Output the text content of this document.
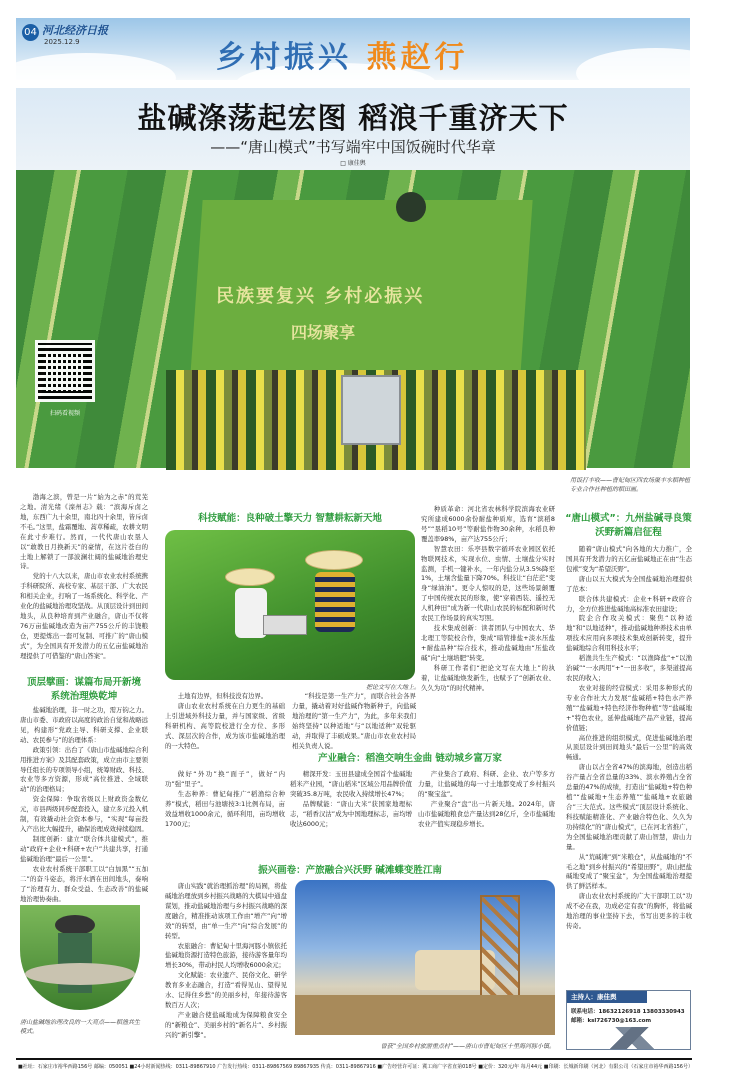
04 河北经济日报
2025.12.9	乡村振兴 燕赵行
盐碱涤荡起宏图 稻浪千重济天下
——“唐山模式”书写端牢中国饭碗时代华章
□ 康佳舆
民族要复兴 乡村必振兴
四场聚享
扫码看视频
用饭打丰收——曹妃甸区四农场聚丰水稻种植专业合作社种植的稻田画。

渤海之滨，曾是一片“始为之赤”的荒芜之地。清光绪《滦州志》载：“滨海斥卤之地，东西广九十余里，南北四十余里，皆斥卤不毛。”这里，盐霜覆地、蒿草稀疏，农耕文明在此寸步难行。然而，一代代唐山农垦人以“敢教日月换新天”的豪情，在这片苍白的土地上解锁了一部波澜壮阔的盐碱地治理史诗。

党的十八大以来，唐山市农业农村系统携手科研院所、高校专家、基层干部、广大农民和相关企业，打响了一场系统化、科学化、产业化的盐碱地治理攻坚战。从顶层设计到田间地头，从良种培育到产业融合，唐山不仅将76万亩盐碱地改造为亩产755公斤的丰饶粮仓，更提炼出一套可复制、可推广的“唐山模式”，为全国具有开发潜力的五亿亩盐碱地治理提供了可借鉴的“唐山答案”。

顶层擘画：谋篇布局开新境
系统治理焕乾坤

盐碱地治理，非一时之功，需万钧之力。唐山市委、市政府以高度的政治自觉和战略远见，构建形“党政主导、科研支撑、企业联动、农民参与”的治理体系：

政策引领：出台了《唐山市盐碱地综合利用推进方案》及其配套政策，成立由市主要领导任组长的专项领导小组，统筹财政、科技、农业等多方资源，形成“高位推进、全域联动”的治理格局；

资金保障：争取省级以上财政资金数亿元，市县两级同步配套投入，建立多元投入机制，有效撬动社会资本参与，“实现”每亩投入产出比大幅提升，确保治理成效持续稳固。

制度创新：建立“联合体共建模式”，推动“政府+企业+科研+农户”共建共享，打通盐碱地治理“最后一公里”。

农业农村系统干部职工以“白加黑”“五加二”的奋斗姿态，将汗水洒在田间地头，奏响了“治理有力、群众受益、生态改善”的盐碱地治理协奏曲。

唐山盐碱地治理改良的一大亮点——稻渔共生模式。
科技赋能：良种破土擎天力 智慧耕耘新天地
把论文写在大地上。

土地有边界，但科技没有边界。

唐山农业农村系统在自力更生的基础上引进域外科技力量，并与国家级、省级科研机构、高等院校进行全方位、多形式、深层次的合作，成为该市盐碱地治理的一大特色。

“科技是第一生产力”，而联合社会各界力量，撬动着对好盐碱作物新种子，向盐碱地治理的“第一生产力”，为此，多年来我们始终坚持“以种适地”与“以地适种”双轮驱动，并取得了丰硕成果。”唐山市农业农村局相关负责人说。

种质革命：河北省农林科学院滨海农业研究所建成6000余份耐盐种质库，选育“滨稻8号”“垦稻10号”等耐盐作物30余种，水稻良种覆盖率98%，亩产达755公斤；

智慧农田：乐亭县数字循环农业园区依托物联网技术，实现水位、虫情、土壤盐分实时监测，手机一键补水，一年内盐分从3.5%降至1%，土壤含盐量下降70%。科技让“白茫茫”变身“绿油油”。更令人惊叹的是，这些场景颠覆了中国传统农民的形象，使“穿着西装、遥控无人机种田”成为新一代唐山农民的标配和新时代农民工作场景的真实写照。

技术集成创新：读者团队与中国农大、华北理工等院校合作，集成“暗管排盐+淡水压盐+耐盐品种”综合技术，推动盐碱地由“压盐改碱”向“土壤培肥”转变。

科研工作者们“把论文写在大地上”的执着，让盐碱地焕发新生，也赋予了“创新农业、久久为功”的时代精神。

产业融合：稻渔交响生金曲 链动城乡富万家

做好“外功”换“面子”，做好“内功”强“里子”。

生态种养：曹妃甸推广“稻渔综合种养”模式，稻田与池塘按3:1比例布局，亩效益增收1000余元，循环利用，亩均增收1700元；

精深开发：玉田县建成全国首个盐碱地稻米产业园，“唐山稻米”区域公用品牌价值突破35.8万吨，农民收入持续增长47%；

品牌赋能：“唐山大米”获国家地理标志，“稻香汉沽”成为中国地理标志，亩均增收达6000元；

产业集合了政府、科研、企业、农户等多方力量，让盐碱地的每一寸土地都变成了乡村振兴的“聚宝盆”。

产业聚合“盘”出一片新天地。2024年，唐山市盐碱地粮食总产量达到28亿斤，全市盐碱地农业产值实现稳步增长。

振兴画卷：产旅融合兴沃野 碱滩蝶变胜江南

唐山实践“就治理抓治理”的局囿，将盐碱地治理放到乡村振兴战略的大棋局中通盘谋划，推动盐碱地治理与乡村振兴战略的深度融合，精准推动该项工作由“增产”向“增效”的转型，由“单一生产”向“综合发展”的转型。

农旅融合：曹妃甸十里海河豚小镇依托盐碱地资源打造特色旅游，接待游客量年均增长30%，带动村民人均增收6000余元；

文化赋能：农业遗产、民俗文化、研学教育多业态融合，打造“看得见山、望得见水、记得住乡愁”的美丽乡村，年接待游客数百万人次；

产业融合使盐碱地成为保障粮食安全的“新粮仓”、美丽乡村的“新名片”、乡村振兴的“新引擎”。

曾获“全国乡村旅游重点村”——唐山市曹妃甸区十里海河豚小镇。
“唐山模式”：九州盐碱寻良策
沃野新篇启征程

随着“唐山模式”向各地的大力推广，全国具有开发潜力的五亿亩盐碱地正在由“生态包袱”变为“希望沃野”。

唐山以五大模式为全国盐碱地治理提供了范本：

联合体共建模式：企业+科研+政府合力，全方位推进盐碱地高标准农田建设；

院企合作攻关模式：聚焦“以种适地”和“以地适种”，推动盐碱地种养技术由单项技术应用向多项技术集成创新转变，提升盐碱地综合利用科技水平；

稻渔共生生产模式：“以渔降盐”+“以渔治碱”“一水两用”+“一田多收”，多渠道提高农民的收入；

农业对接的经营模式：采用多种形式的专业合作社大力发展“盐碱稻+特色水产养殖”“盐碱地+特色经济作物种植”等“盐碱地+”特色农业，延伸盐碱地产品产业链，提高价值链；

高位推进的组织模式，促进盐碱地治理从顶层设计到田间地头“最后一公里”的高效畅通。

唐山以占全省47%的滨海地，创造出稻谷产量占全省总量的33%、滨水养殖占全省总量的47%的成绩，打造出“盐碱地+特色种植”“盐碱地+生态养殖”“盐碱地+农旅融合”三大范式。这些模式“顶层设计系统化、科技赋能精准化、产业融合特色化、久久为功持续化”的“唐山模式”，已在河北省推广，为全国盐碱地治理贡献了唐山智慧，唐山力量。

从“荒碱滩”到“米粮仓”，从盐碱地的“不毛之地”到乡村振兴的“希望田野”，唐山把盐碱地变成了“聚宝盆”，为全国盐碱地治理提供了鲜活样本。

唐山农业农村系统的广大干部职工以“功成不必在我，功成必定有我”的胸怀，将盐碱地治理的事业坚持下去，书写出更多的丰收传奇。

主持人：康佳舆
联系电话：18632126918 13803330943
邮箱：ksl726730@163.com
■社址：石家庄市裕华西路156号 邮编：050051 ■24小时新闻热线：0311-89867910 广告发行热线：0311-89867569 89867935 传真：0311-89867916 ■广告经营许可证：冀工商广字省直第018号 ■定价：320元/年 每月44元 ■印刷：长城新印刷（河北）有限公司（石家庄市裕华西路156号）
